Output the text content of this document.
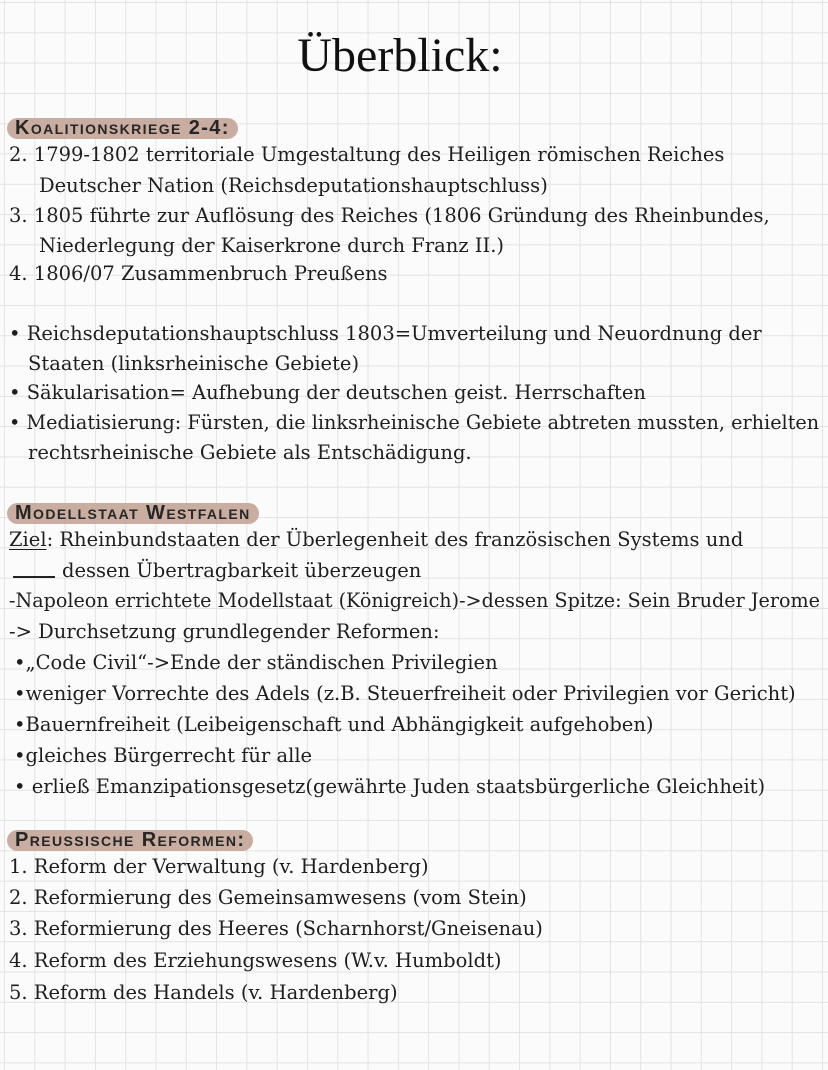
Überblick:
Koalitionskriege 2-4:
2. 1799-1802 territoriale Umgestaltung des Heiligen römischen Reiches
Deutscher Nation (Reichsdeputationshauptschluss)
3. 1805 führte zur Auflösung des Reiches (1806 Gründung des Rheinbundes,
Niederlegung der Kaiserkrone durch Franz II.)
4. 1806/07 Zusammenbruch Preußens
• Reichsdeputationshauptschluss 1803=Umverteilung und Neuordnung der
Staaten (linksrheinische Gebiete)
• Säkularisation= Aufhebung der deutschen geist. Herrschaften
• Mediatisierung: Fürsten, die linksrheinische Gebiete abtreten mussten, erhielten
rechtsrheinische Gebiete als Entschädigung.
Modellstaat Westfalen
Ziel: Rheinbundstaaten der Überlegenheit des französischen Systems und
dessen Übertragbarkeit überzeugen
-Napoleon errichtete Modellstaat (Königreich)->dessen Spitze: Sein Bruder Jerome
-> Durchsetzung grundlegender Reformen:
•„Code Civil“->Ende der ständischen Privilegien
•weniger Vorrechte des Adels (z.B. Steuerfreiheit oder Privilegien vor Gericht)
•Bauernfreiheit (Leibeigenschaft und Abhängigkeit aufgehoben)
•gleiches Bürgerrecht für alle
• erließ Emanzipationsgesetz(gewährte Juden staatsbürgerliche Gleichheit)
Preussische Reformen:
1. Reform der Verwaltung (v. Hardenberg)
2. Reformierung des Gemeinsamwesens (vom Stein)
3. Reformierung des Heeres (Scharnhorst/Gneisenau)
4. Reform des Erziehungswesens (W.v. Humboldt)
5. Reform des Handels (v. Hardenberg)
